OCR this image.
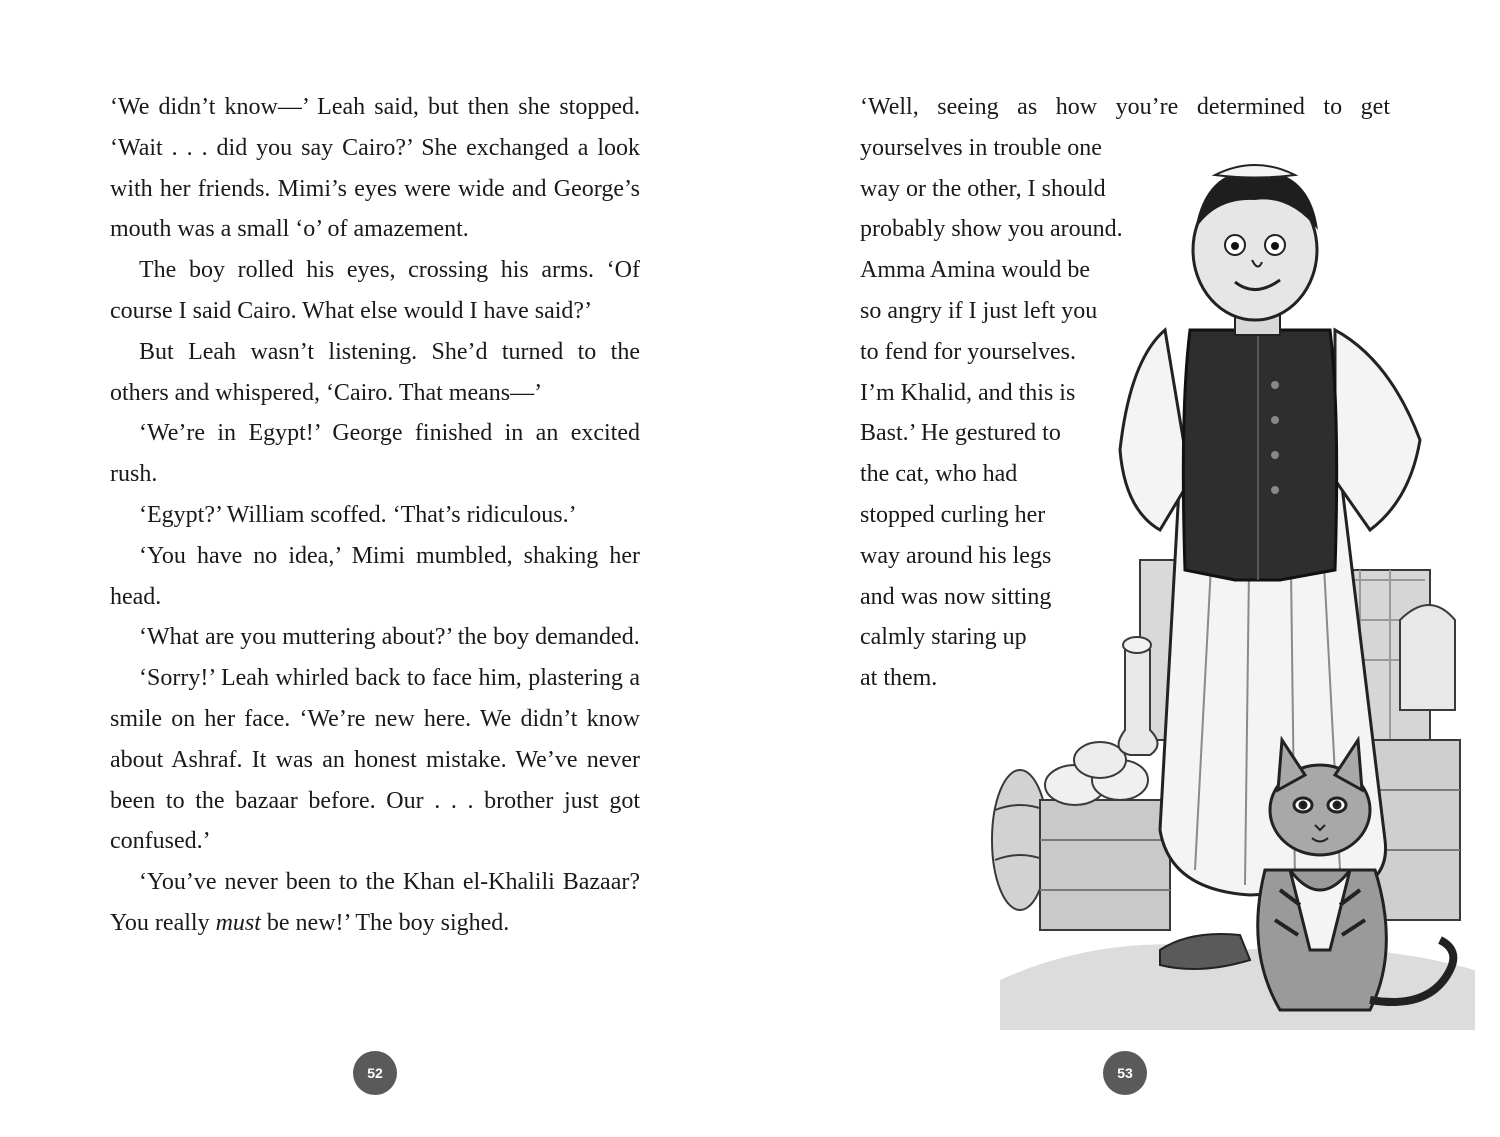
‘We didn’t know—’ Leah said, but then she stopped. ‘Wait . . . did you say Cairo?’ She exchanged a look with her friends. Mimi’s eyes were wide and George’s mouth was a small ‘o’ of amazement.

The boy rolled his eyes, crossing his arms. ‘Of course I said Cairo. What else would I have said?’

But Leah wasn’t listening. She’d turned to the others and whispered, ‘Cairo. That means—’

‘We’re in Egypt!’ George finished in an excited rush.

‘Egypt?’ William scoffed. ‘That’s ridiculous.’

‘You have no idea,’ Mimi mumbled, shaking her head.

‘What are you muttering about?’ the boy demanded.

‘Sorry!’ Leah whirled back to face him, plastering a smile on her face. ‘We’re new here. We didn’t know about Ashraf. It was an honest mistake. We’ve never been to the bazaar before. Our . . . brother just got confused.’

‘You’ve never been to the Khan el-Khalili Bazaar? You really must be new!’ The boy sighed.

52	53
‘Well, seeing as how you’re determined to get
yourselves in trouble one
way or the other, I should
probably show you around.
Amma Amina would be
so angry if I just left you
to fend for yourselves.
I’m Khalid, and this is
Bast.’ He gestured to
the cat, who had
stopped curling her
way around his legs
and was now sitting
calmly staring up
at them.
